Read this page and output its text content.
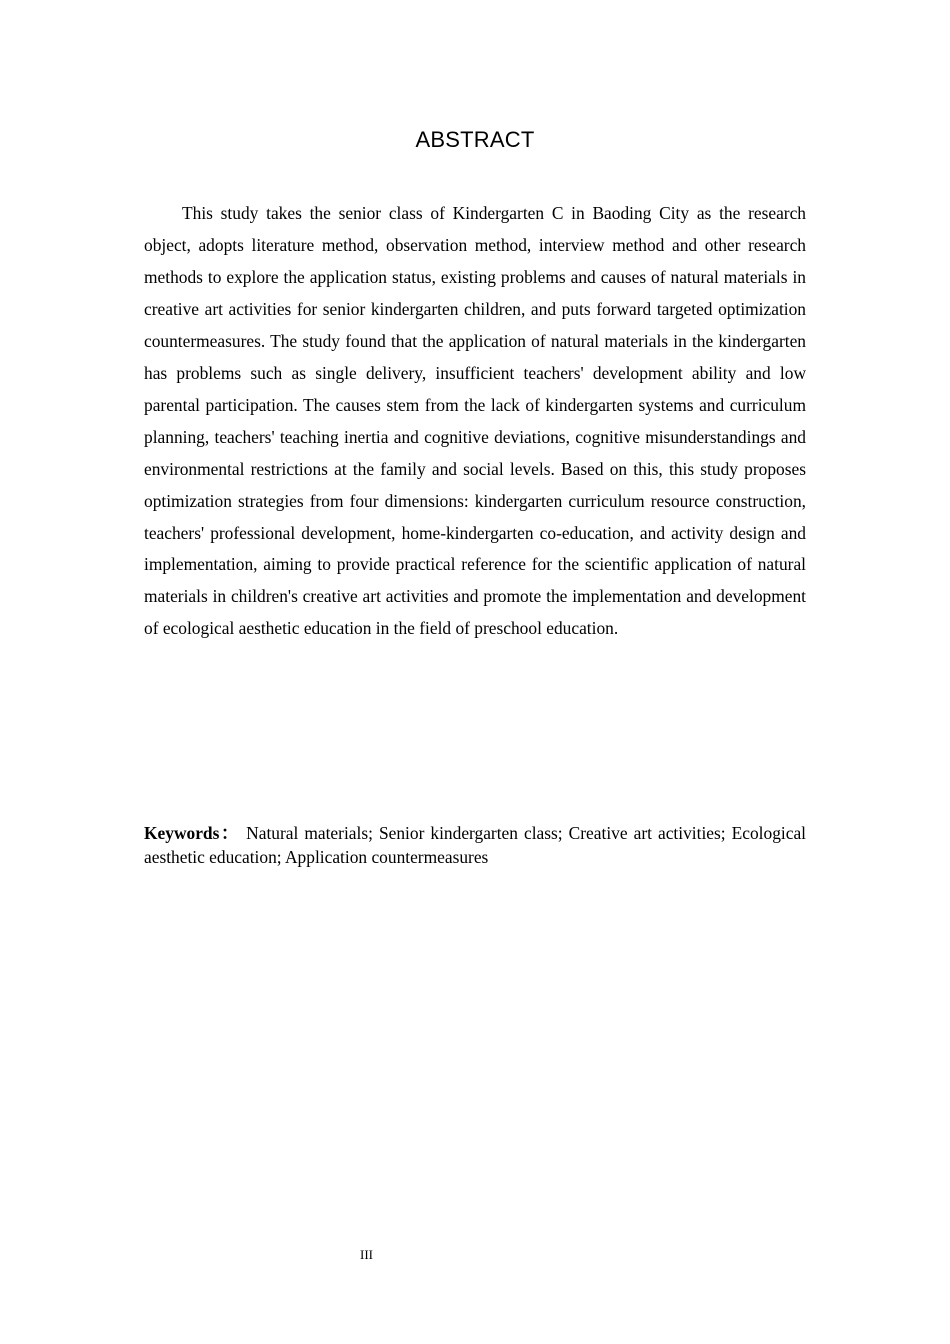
ABSTRACT

This study takes the senior class of Kindergarten C in Baoding City as the research object, adopts literature method, observation method, interview method and other research methods to explore the application status, existing problems and causes of natural materials in creative art activities for senior kindergarten children, and puts forward targeted optimization countermeasures. The study found that the application of natural materials in the kindergarten has problems such as single delivery, insufficient teachers' development ability and low parental participation. The causes stem from the lack of kindergarten systems and curriculum planning, teachers' teaching inertia and cognitive deviations, cognitive misunderstandings and environmental restrictions at the family and social levels. Based on this, this study proposes optimization strategies from four dimensions: kindergarten curriculum resource construction, teachers' professional development, home-kindergarten co-education, and activity design and implementation, aiming to provide practical reference for the scientific application of natural materials in children's creative art activities and promote the implementation and development of ecological aesthetic education in the field of preschool education.

Keywords： Natural materials; Senior kindergarten class; Creative art activities; Ecological aesthetic education; Application countermeasures

III
